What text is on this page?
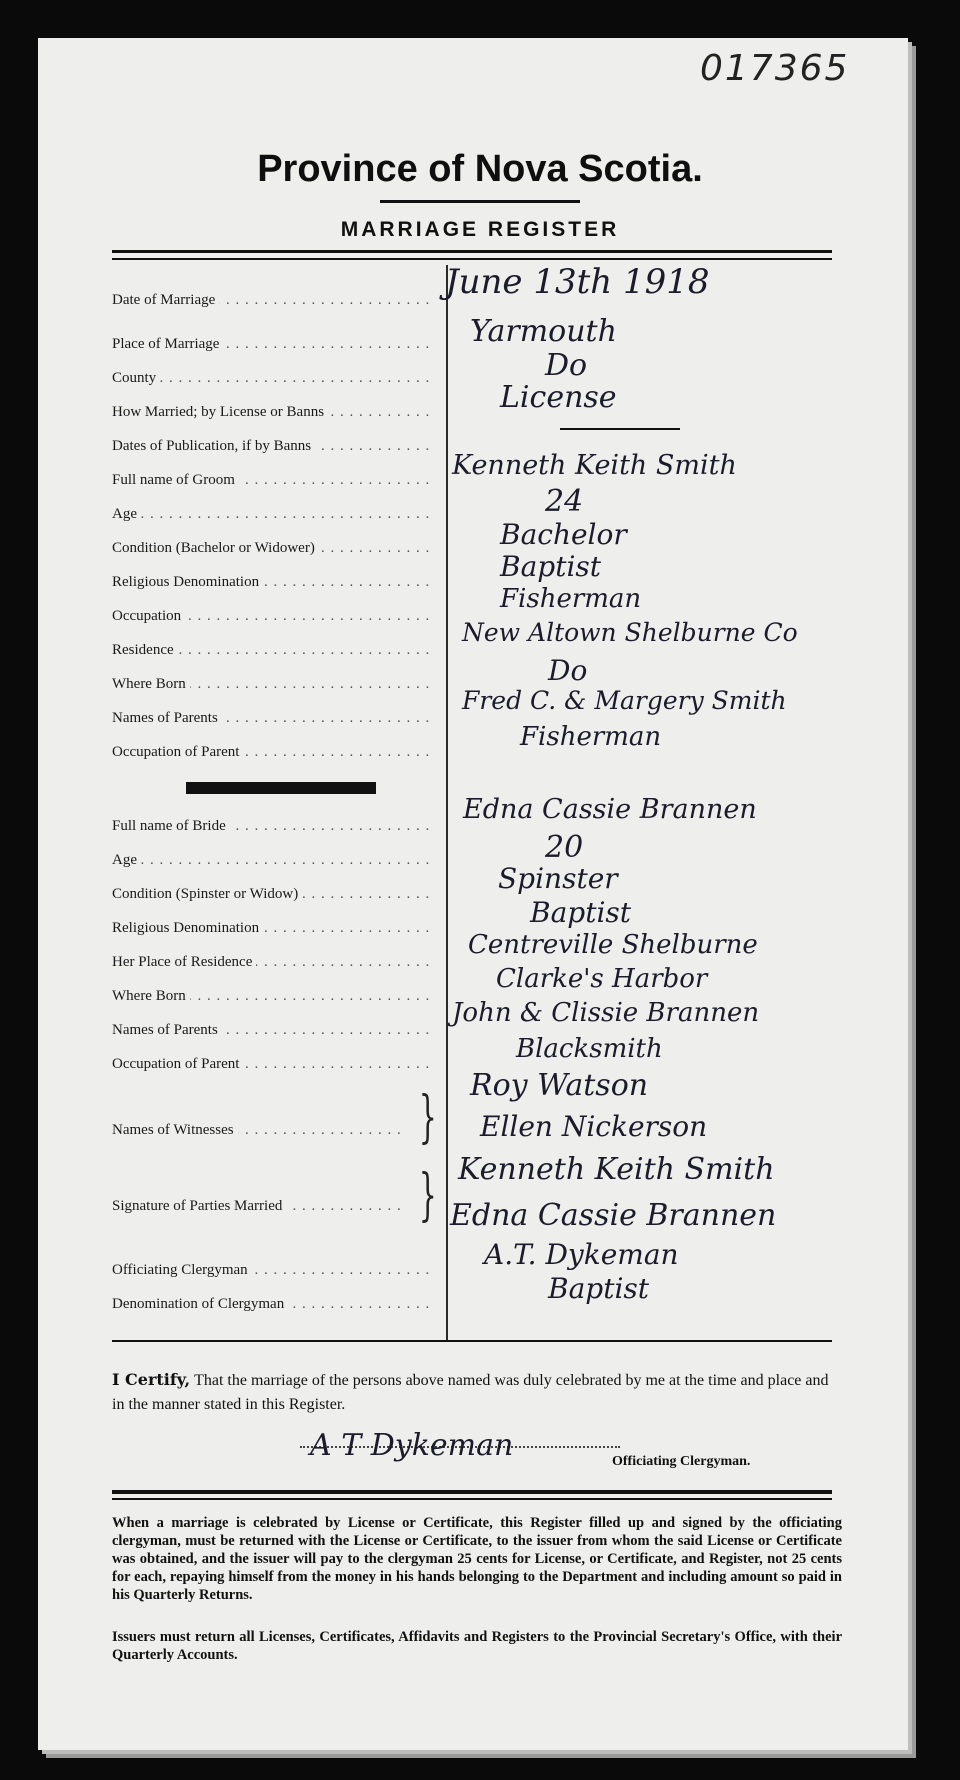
017365
Province of Nova Scotia.
MARRIAGE REGISTER
Date of Marriage . . .	June 13th 1918
Place of Marriage . . .	Yarmouth
County . . .	Do
How Married; by License or Banns . . .	License
Dates of Publication, if by Banns . . .
Full name of Groom . . .	Kenneth Keith Smith
Age . . .	24
Condition (Bachelor or Widower) . . .	Bachelor
Religious Denomination . . .	Baptist
Occupation . . .
Fisherman
Residence . . .
New Altown Shelburne Co
Where Born . . .	Do
Names of Parents . . .
Fred C. & Margery Smith
Occupation of Parent . . .	Fisherman
Full name of Bride . . .
Edna Cassie Brannen
Age . . .	20
Condition (Spinster or Widow) . . .	Spinster
Religious Denomination . . .	Baptist
Her Place of Residence . . .
Centreville Shelburne
Where Born . . .
Clarke's Harbor
Names of Parents . . .
John & Clissie Brannen
Occupation of Parent . . .	Blacksmith
Names of Witnesses . . .	} Roy Watson
Ellen Nickerson
Signature of Parties Married . . .	} Kenneth Keith Smith
Edna Cassie Brannen
Officiating Clergyman . . .	A.T. Dykeman
Denomination of Clergyman . . .	Baptist
I Certify, That the marriage of the persons above named was duly celebrated by me at the time and place and in the manner stated in this Register.
A T Dykeman	Officiating Clergyman.
When a marriage is celebrated by License or Certificate, this Register filled up and signed by the officiating clergyman, must be returned with the License or Certificate, to the issuer from whom the said License or Certificate was obtained, and the issuer will pay to the clergyman 25 cents for License, or Certificate, and Register, not 25 cents for each, repaying himself from the money in his hands belonging to the Department and including amount so paid in his Quarterly Returns.
Issuers must return all Licenses, Certificates, Affidavits and Registers to the Provincial Secretary's Office, with their Quarterly Accounts.
